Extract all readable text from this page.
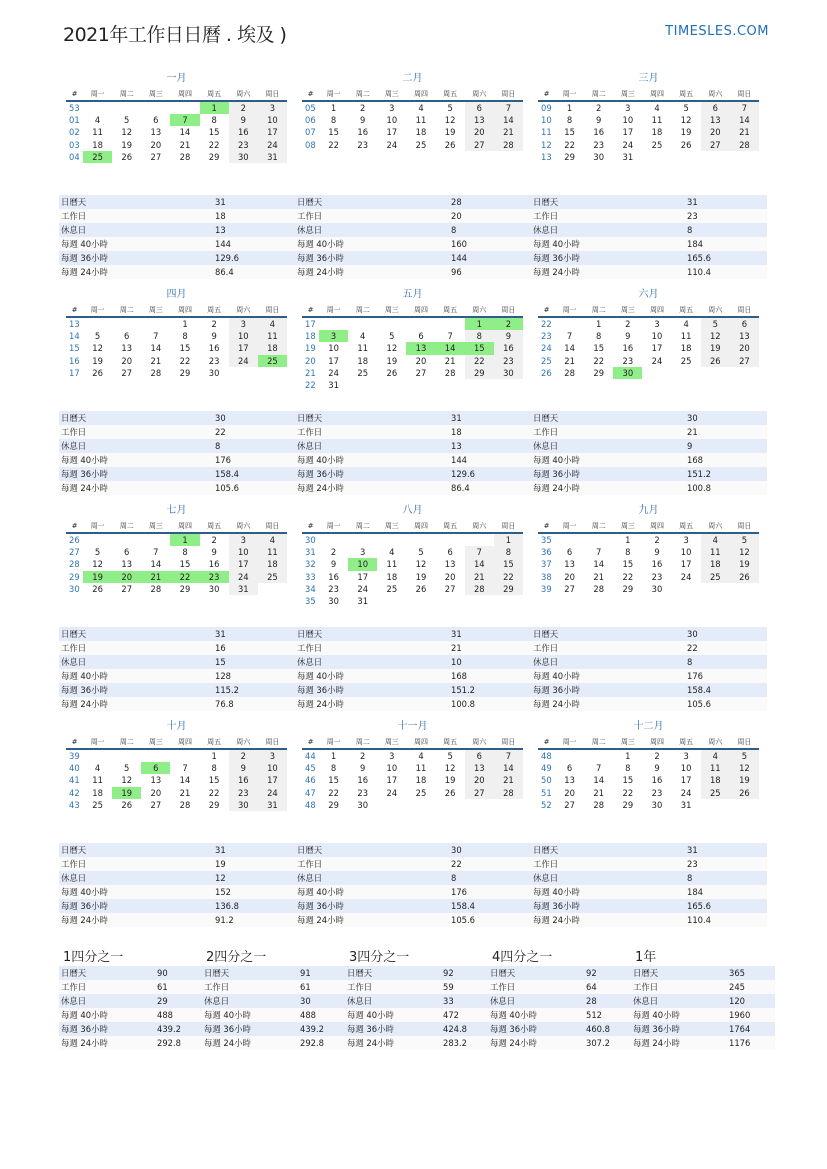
2021年工作日日曆 . 埃及 )	TIMESLES.COM
一月
#	周一	周二	周三	周四	周五	周六	周日
53					1	2	3
01	4	5	6	7	8	9	10
02	11	12	13	14	15	16	17
03	18	19	20	21	22	23	24
04	25	26	27	28	29	30	31
日曆天	31
工作日	18
休息日	13
每週 40小時	144
每週 36小時	129.6
每週 24小時	86.4
二月
#	周一	周二	周三	周四	周五	周六	周日
05	1	2	3	4	5	6	7
06	8	9	10	11	12	13	14
07	15	16	17	18	19	20	21
08	22	23	24	25	26	27	28
日曆天	28
工作日	20
休息日	8
每週 40小時	160
每週 36小時	144
每週 24小時	96
三月
#	周一	周二	周三	周四	周五	周六	周日
09	1	2	3	4	5	6	7
10	8	9	10	11	12	13	14
11	15	16	17	18	19	20	21
12	22	23	24	25	26	27	28
13	29	30	31				
日曆天	31
工作日	23
休息日	8
每週 40小時	184
每週 36小時	165.6
每週 24小時	110.4
四月
#	周一	周二	周三	周四	周五	周六	周日
13				1	2	3	4
14	5	6	7	8	9	10	11
15	12	13	14	15	16	17	18
16	19	20	21	22	23	24	25
17	26	27	28	29	30		
日曆天	30
工作日	22
休息日	8
每週 40小時	176
每週 36小時	158.4
每週 24小時	105.6
五月
#	周一	周二	周三	周四	周五	周六	周日
17						1	2
18	3	4	5	6	7	8	9
19	10	11	12	13	14	15	16
20	17	18	19	20	21	22	23
21	24	25	26	27	28	29	30
22	31						
日曆天	31
工作日	18
休息日	13
每週 40小時	144
每週 36小時	129.6
每週 24小時	86.4
六月
#	周一	周二	周三	周四	周五	周六	周日
22		1	2	3	4	5	6
23	7	8	9	10	11	12	13
24	14	15	16	17	18	19	20
25	21	22	23	24	25	26	27
26	28	29	30				
日曆天	30
工作日	21
休息日	9
每週 40小時	168
每週 36小時	151.2
每週 24小時	100.8
七月
#	周一	周二	周三	周四	周五	周六	周日
26				1	2	3	4
27	5	6	7	8	9	10	11
28	12	13	14	15	16	17	18
29	19	20	21	22	23	24	25
30	26	27	28	29	30	31	
日曆天	31
工作日	16
休息日	15
每週 40小時	128
每週 36小時	115.2
每週 24小時	76.8
八月
#	周一	周二	周三	周四	周五	周六	周日
30							1
31	2	3	4	5	6	7	8
32	9	10	11	12	13	14	15
33	16	17	18	19	20	21	22
34	23	24	25	26	27	28	29
35	30	31					
日曆天	31
工作日	21
休息日	10
每週 40小時	168
每週 36小時	151.2
每週 24小時	100.8
九月
#	周一	周二	周三	周四	周五	周六	周日
35			1	2	3	4	5
36	6	7	8	9	10	11	12
37	13	14	15	16	17	18	19
38	20	21	22	23	24	25	26
39	27	28	29	30			
日曆天	30
工作日	22
休息日	8
每週 40小時	176
每週 36小時	158.4
每週 24小時	105.6
十月
#	周一	周二	周三	周四	周五	周六	周日
39					1	2	3
40	4	5	6	7	8	9	10
41	11	12	13	14	15	16	17
42	18	19	20	21	22	23	24
43	25	26	27	28	29	30	31
日曆天	31
工作日	19
休息日	12
每週 40小時	152
每週 36小時	136.8
每週 24小時	91.2
十一月
#	周一	周二	周三	周四	周五	周六	周日
44	1	2	3	4	5	6	7
45	8	9	10	11	12	13	14
46	15	16	17	18	19	20	21
47	22	23	24	25	26	27	28
48	29	30					
日曆天	30
工作日	22
休息日	8
每週 40小時	176
每週 36小時	158.4
每週 24小時	105.6
十二月
#	周一	周二	周三	周四	周五	周六	周日
48			1	2	3	4	5
49	6	7	8	9	10	11	12
50	13	14	15	16	17	18	19
51	20	21	22	23	24	25	26
52	27	28	29	30	31		
日曆天	31
工作日	23
休息日	8
每週 40小時	184
每週 36小時	165.6
每週 24小時	110.4
1四分之一
日曆天	90
工作日	61
休息日	29
每週 40小時	488
每週 36小時	439.2
每週 24小時	292.8
2四分之一
日曆天	91
工作日	61
休息日	30
每週 40小時	488
每週 36小時	439.2
每週 24小時	292.8
3四分之一
日曆天	92
工作日	59
休息日	33
每週 40小時	472
每週 36小時	424.8
每週 24小時	283.2
4四分之一
日曆天	92
工作日	64
休息日	28
每週 40小時	512
每週 36小時	460.8
每週 24小時	307.2
1年
日曆天	365
工作日	245
休息日	120
每週 40小時	1960
每週 36小時	1764
每週 24小時	1176
